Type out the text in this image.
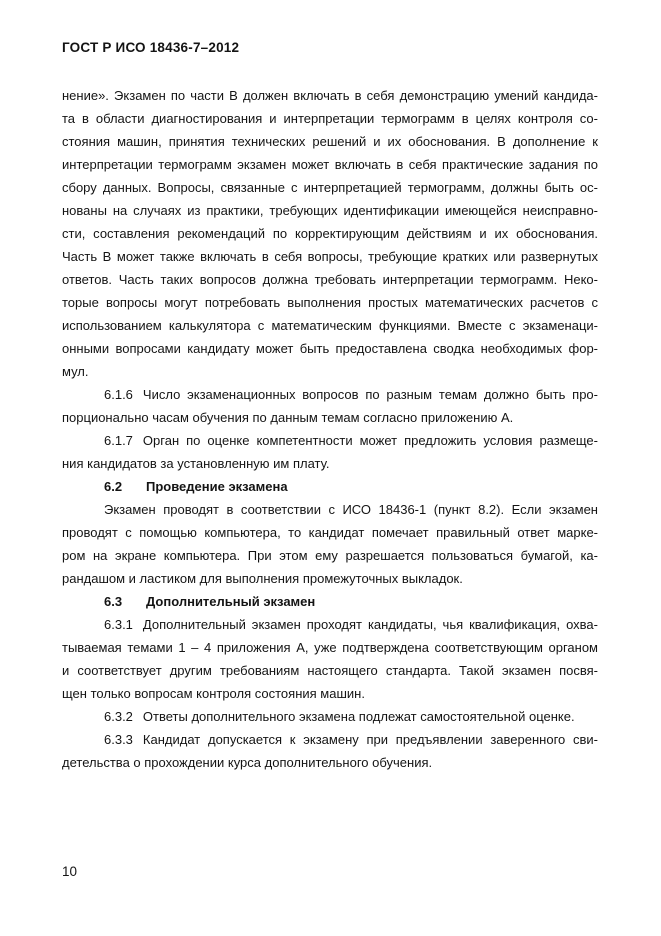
ГОСТ Р ИСО 18436-7–2012
нение». Экзамен по части В должен включать в себя демонстрацию умений кандида-
та в области диагностирования и интерпретации термограмм в целях контроля со-
стояния машин, принятия технических решений и их обоснования. В дополнение к
интерпретации термограмм экзамен может включать в себя практические задания по
сбору данных. Вопросы, связанные с интерпретацией термограмм, должны быть ос-
нованы на случаях из практики, требующих идентификации имеющейся неисправно-
сти, составления рекомендаций по корректирующим действиям и их обоснования.
Часть В может также включать в себя вопросы, требующие кратких или развернутых
ответов. Часть таких вопросов должна требовать интерпретации термограмм. Неко-
торые вопросы могут потребовать выполнения простых математических расчетов с
использованием калькулятора с математическим функциями. Вместе с экзаменаци-
онными вопросами кандидату может быть предоставлена сводка необходимых фор-
мул.
6.1.6 Число экзаменационных вопросов по разным темам должно быть про-
порционально часам обучения по данным темам согласно приложению А.
6.1.7 Орган по оценке компетентности может предложить условия размеще-
ния кандидатов за установленную им плату.
6.2 Проведение экзамена
Экзамен проводят в соответствии с ИСО 18436-1 (пункт 8.2). Если экзамен
проводят с помощью компьютера, то кандидат помечает правильный ответ марке-
ром на экране компьютера. При этом ему разрешается пользоваться бумагой, ка-
рандашом и ластиком для выполнения промежуточных выкладок.
6.3 Дополнительный экзамен
6.3.1 Дополнительный экзамен проходят кандидаты, чья квалификация, охва-
тываемая темами 1 – 4 приложения А, уже подтверждена соответствующим органом
и соответствует другим требованиям настоящего стандарта. Такой экзамен посвя-
щен только вопросам контроля состояния машин.
6.3.2 Ответы дополнительного экзамена подлежат самостоятельной оценке.
6.3.3 Кандидат допускается к экзамену при предъявлении заверенного сви-
детельства о прохождении курса дополнительного обучения.
10
